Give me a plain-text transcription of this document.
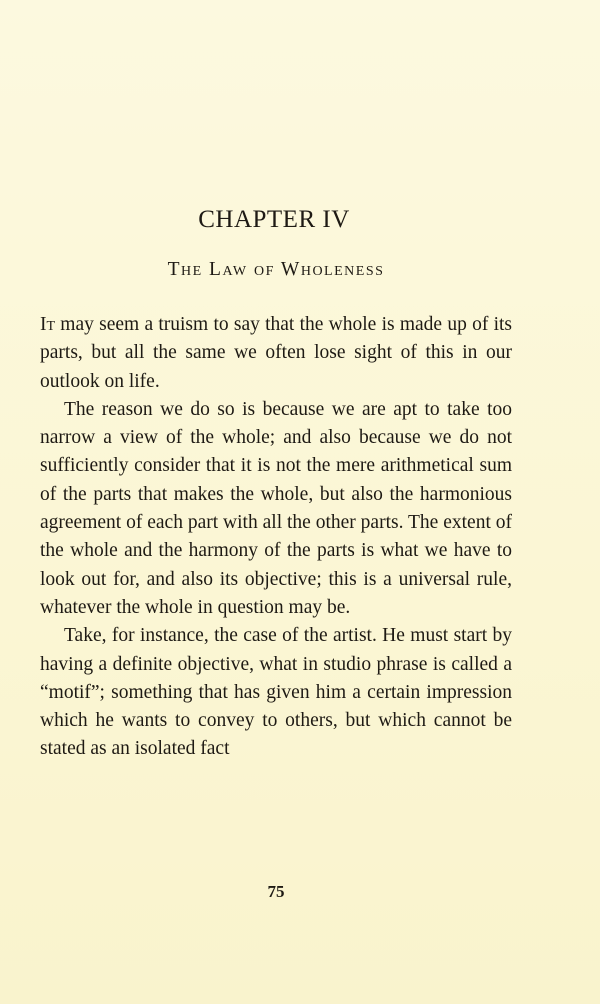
CHAPTER IV
The Law of Wholeness

It may seem a truism to say that the whole is made up of its parts, but all the same we often lose sight of this in our outlook on life.

The reason we do so is because we are apt to take too narrow a view of the whole; and also because we do not sufficiently consider that it is not the mere arithmetical sum of the parts that makes the whole, but also the harmonious agreement of each part with all the other parts. The extent of the whole and the harmony of the parts is what we have to look out for, and also its objective; this is a universal rule, whatever the whole in question may be.

Take, for instance, the case of the artist. He must start by having a definite objective, what in studio phrase is called a “motif”; something that has given him a certain impression which he wants to convey to others, but which cannot be stated as an isolated fact

75
